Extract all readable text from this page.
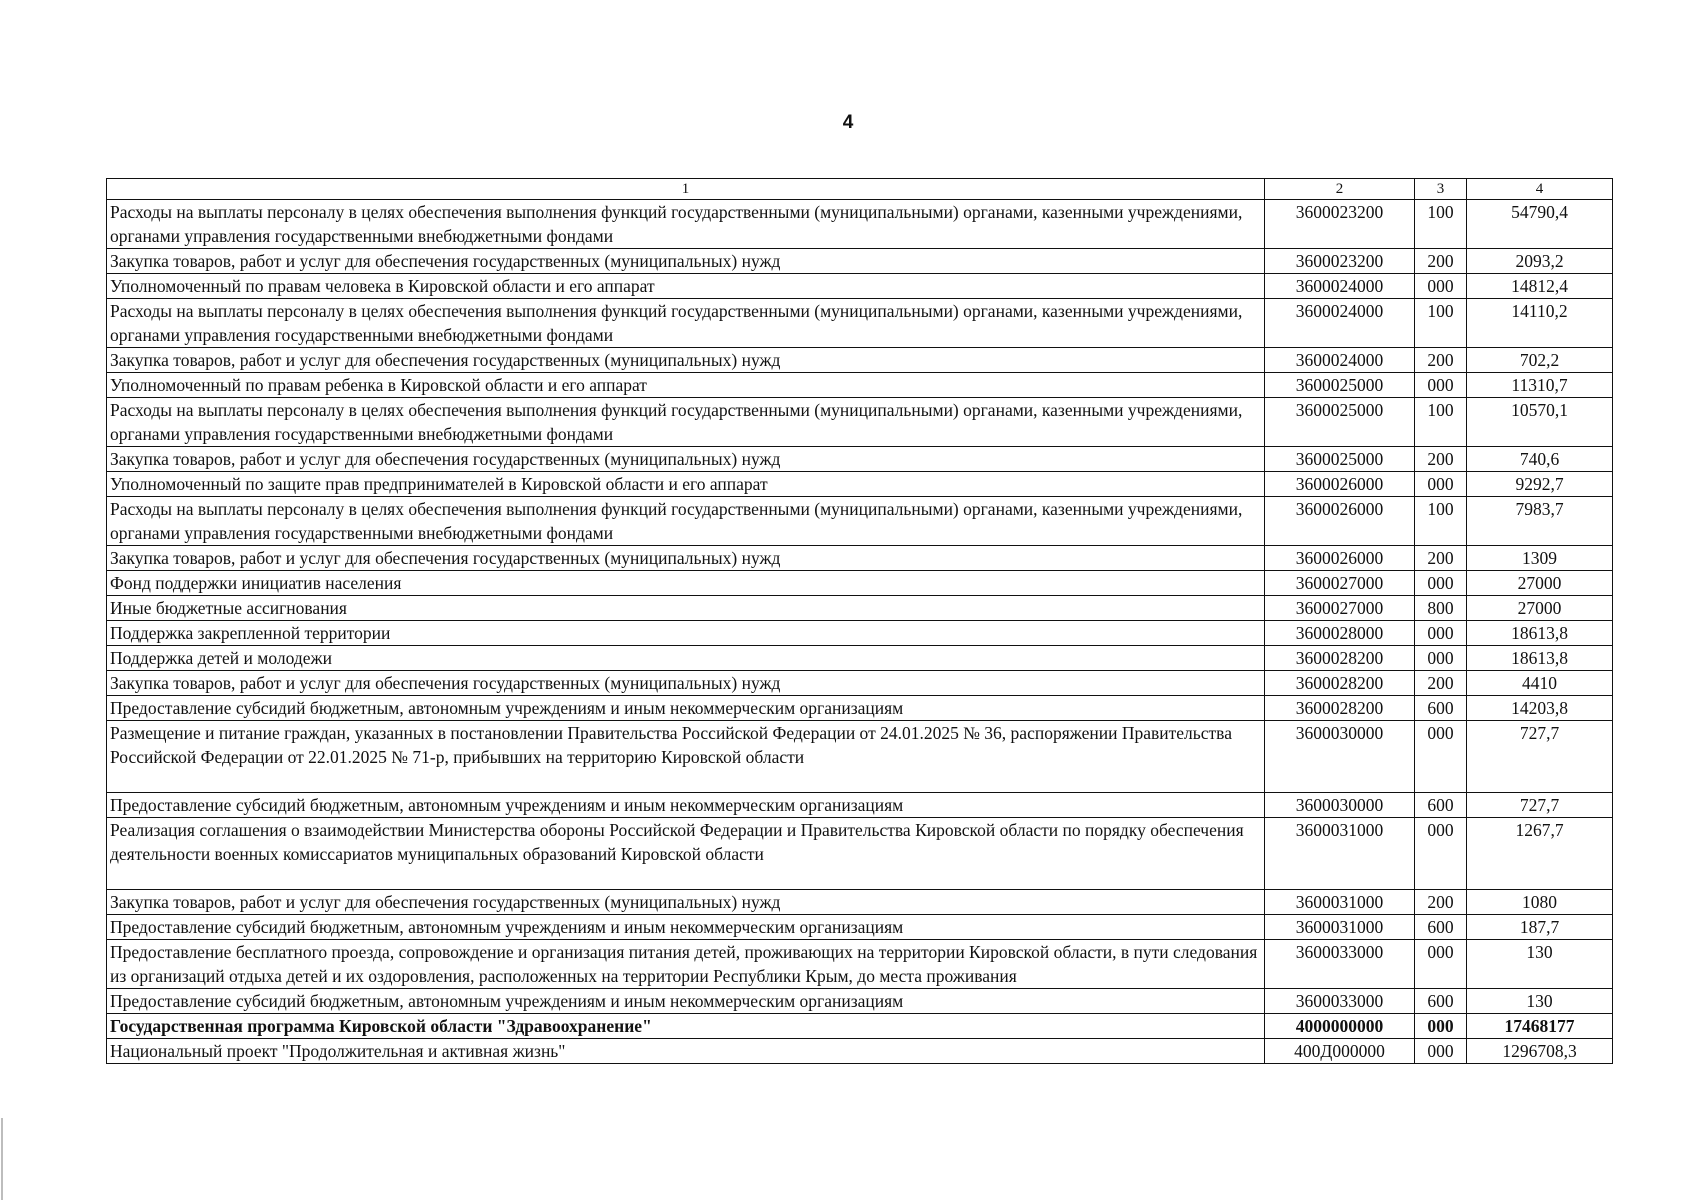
4
1	2	3	4
Расходы на выплаты персоналу в целях обеспечения выполнения функций государственными (муниципальными) органами, казенными учреждениями, органами управления государственными внебюджетными фондами	3600023200	100	54790,4
Закупка товаров, работ и услуг для обеспечения государственных (муниципальных) нужд	3600023200	200	2093,2
Уполномоченный по правам человека в Кировской области и его аппарат	3600024000	000	14812,4
Расходы на выплаты персоналу в целях обеспечения выполнения функций государственными (муниципальными) органами, казенными учреждениями, органами управления государственными внебюджетными фондами	3600024000	100	14110,2
Закупка товаров, работ и услуг для обеспечения государственных (муниципальных) нужд	3600024000	200	702,2
Уполномоченный по правам ребенка в Кировской области и его аппарат	3600025000	000	11310,7
Расходы на выплаты персоналу в целях обеспечения выполнения функций государственными (муниципальными) органами, казенными учреждениями, органами управления государственными внебюджетными фондами	3600025000	100	10570,1
Закупка товаров, работ и услуг для обеспечения государственных (муниципальных) нужд	3600025000	200	740,6
Уполномоченный по защите прав предпринимателей в Кировской области и его аппарат	3600026000	000	9292,7
Расходы на выплаты персоналу в целях обеспечения выполнения функций государственными (муниципальными) органами, казенными учреждениями, органами управления государственными внебюджетными фондами	3600026000	100	7983,7
Закупка товаров, работ и услуг для обеспечения государственных (муниципальных) нужд	3600026000	200	1309
Фонд поддержки инициатив населения	3600027000	000	27000
Иные бюджетные ассигнования	3600027000	800	27000
Поддержка закрепленной территории	3600028000	000	18613,8
Поддержка детей и молодежи	3600028200	000	18613,8
Закупка товаров, работ и услуг для обеспечения государственных (муниципальных) нужд	3600028200	200	4410
Предоставление субсидий бюджетным, автономным учреждениям и иным некоммерческим организациям	3600028200	600	14203,8
Размещение и питание граждан, указанных в постановлении Правительства Российской Федерации от 24.01.2025 № 36, распоряжении Правительства Российской Федерации от 22.01.2025 № 71-р, прибывших на территорию Кировской области	3600030000	000	727,7
Предоставление субсидий бюджетным, автономным учреждениям и иным некоммерческим организациям	3600030000	600	727,7
Реализация соглашения о взаимодействии Министерства обороны Российской Федерации и Правительства Кировской области по порядку обеспечения деятельности военных комиссариатов муниципальных образований Кировской области	3600031000	000	1267,7
Закупка товаров, работ и услуг для обеспечения государственных (муниципальных) нужд	3600031000	200	1080
Предоставление субсидий бюджетным, автономным учреждениям и иным некоммерческим организациям	3600031000	600	187,7
Предоставление бесплатного проезда, сопровождение и организация питания детей, проживающих на территории Кировской области, в пути следования из организаций отдыха детей и их оздоровления, расположенных на территории Республики Крым, до места проживания	3600033000	000	130
Предоставление субсидий бюджетным, автономным учреждениям и иным некоммерческим организациям	3600033000	600	130
Государственная программа Кировской области "Здравоохранение"	4000000000	000	17468177
Национальный проект "Продолжительная и активная жизнь"	400Д000000	000	1296708,3
